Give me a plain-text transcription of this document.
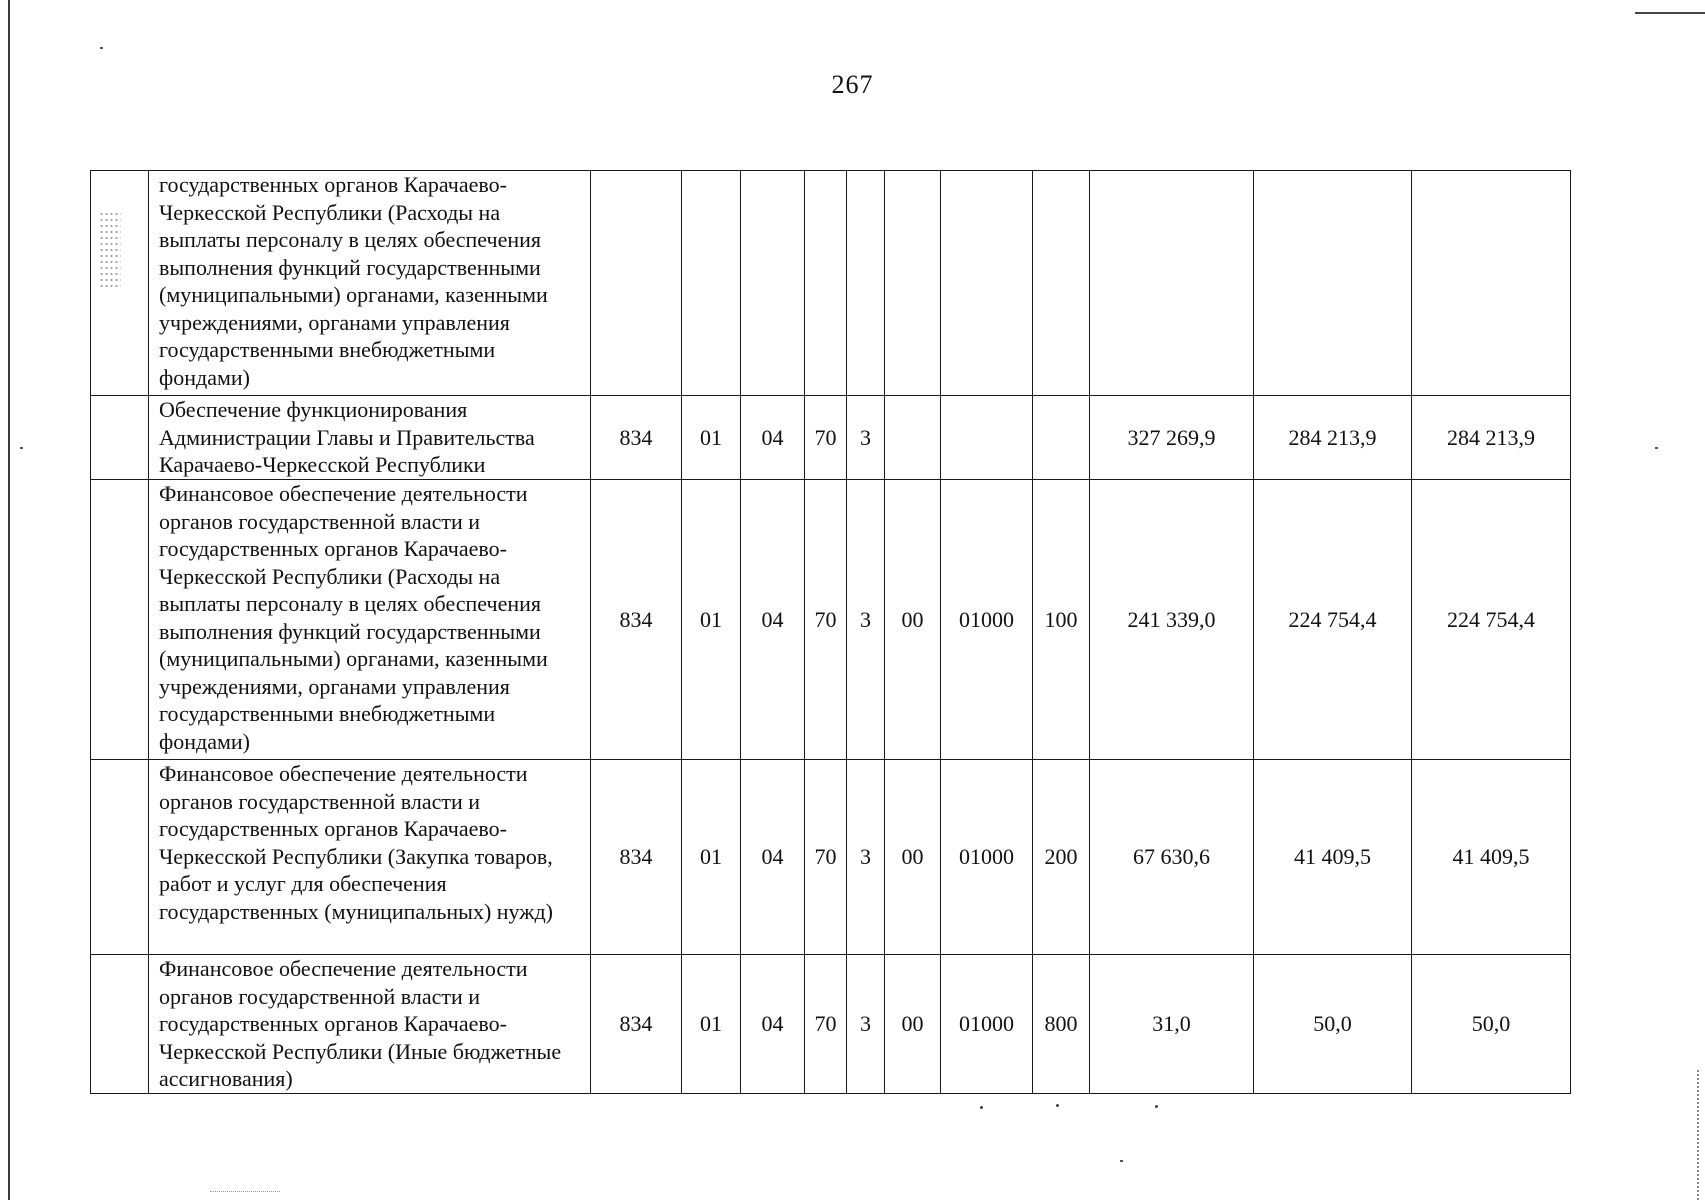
267
	государственных органов Карачаево-Черкесской Республики (Расходы на выплаты персоналу в целях обеспечения выполнения функций государственными (муниципальными) органами, казенными учреждениями, органами управления государственными внебюджетными фондами)											
	Обеспечение функционирования Администрации Главы и Правительства Карачаево-Черкесской Республики	834	01	04	70	3				327 269,9	284 213,9	284 213,9
	Финансовое обеспечение деятельности органов государственной власти и государственных органов Карачаево-Черкесской Республики (Расходы на выплаты персоналу в целях обеспечения выполнения функций государственными (муниципальными) органами, казенными учреждениями, органами управления государственными внебюджетными фондами)	834	01	04	70	3	00	01000	100	241 339,0	224 754,4	224 754,4
	Финансовое обеспечение деятельности органов государственной власти и государственных органов Карачаево-Черкесской Республики (Закупка товаров, работ и услуг для обеспечения государственных (муниципальных) нужд)	834	01	04	70	3	00	01000	200	67 630,6	41 409,5	41 409,5
	Финансовое обеспечение деятельности органов государственной власти и государственных органов Карачаево-Черкесской Республики (Иные бюджетные ассигнования)	834	01	04	70	3	00	01000	800	31,0	50,0	50,0
